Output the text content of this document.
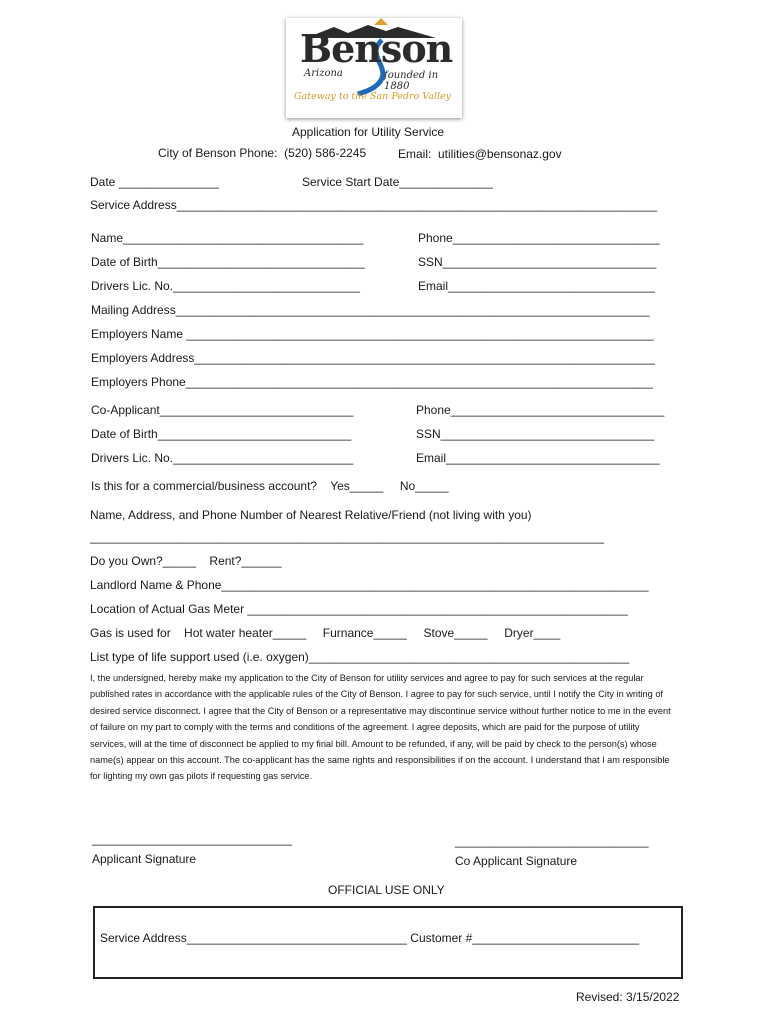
Benson
Arizona	founded in 1880
Gateway to the San Pedro Valley
Application for Utility Service
City of Benson Phone:  (520) 586-2245	Email:  utilities@bensonaz.gov
Date _______________	Service Start Date______________
Service Address________________________________________________________________________
Name____________________________________	Phone_______________________________
Date of Birth_______________________________	SSN________________________________
Drivers Lic. No.____________________________	Email_______________________________
Mailing Address_______________________________________________________________________
Employers Name ______________________________________________________________________
Employers Address_____________________________________________________________________
Employers Phone______________________________________________________________________
Co-Applicant_____________________________	Phone________________________________
Date of Birth_____________________________	SSN________________________________
Drivers Lic. No.___________________________	Email________________________________
Is this for a commercial/business account?    Yes_____     No_____
Name, Address, and Phone Number of Nearest Relative/Friend (not living with you)
_____________________________________________________________________________
Do you Own?_____    Rent?______
Landlord Name & Phone________________________________________________________________
Location of Actual Gas Meter _________________________________________________________
Gas is used for    Hot water heater_____     Furnance_____     Stove_____     Dryer____
List type of life support used (i.e. oxygen)________________________________________________
I, the undersigned, hereby make my application to the City of Benson for utility services and agree to pay for such services at the regular published rates in accordance with the applicable rules of the City of Benson. I agree to pay for such service, until I notify the City in writing of desired service disconnect. I agree that the City of Benson or a representative may discontinue service without further notice to me in the event of failure on my part to comply with the terms and conditions of the agreement. I agree deposits, which are paid for the purpose of utility services, will at the time of disconnect be applied to my final bill. Amount to be refunded, if any, will be paid by check to the person(s) whose name(s) appear on this account. The co-applicant has the same rights and responsibilities if on the account. I understand that I am responsible for lighting my own gas pilots if requesting gas service.
______________________________
Applicant Signature
_____________________________
Co Applicant Signature
OFFICIAL USE ONLY
Service Address_________________________________ Customer #_________________________
Revised: 3/15/2022
